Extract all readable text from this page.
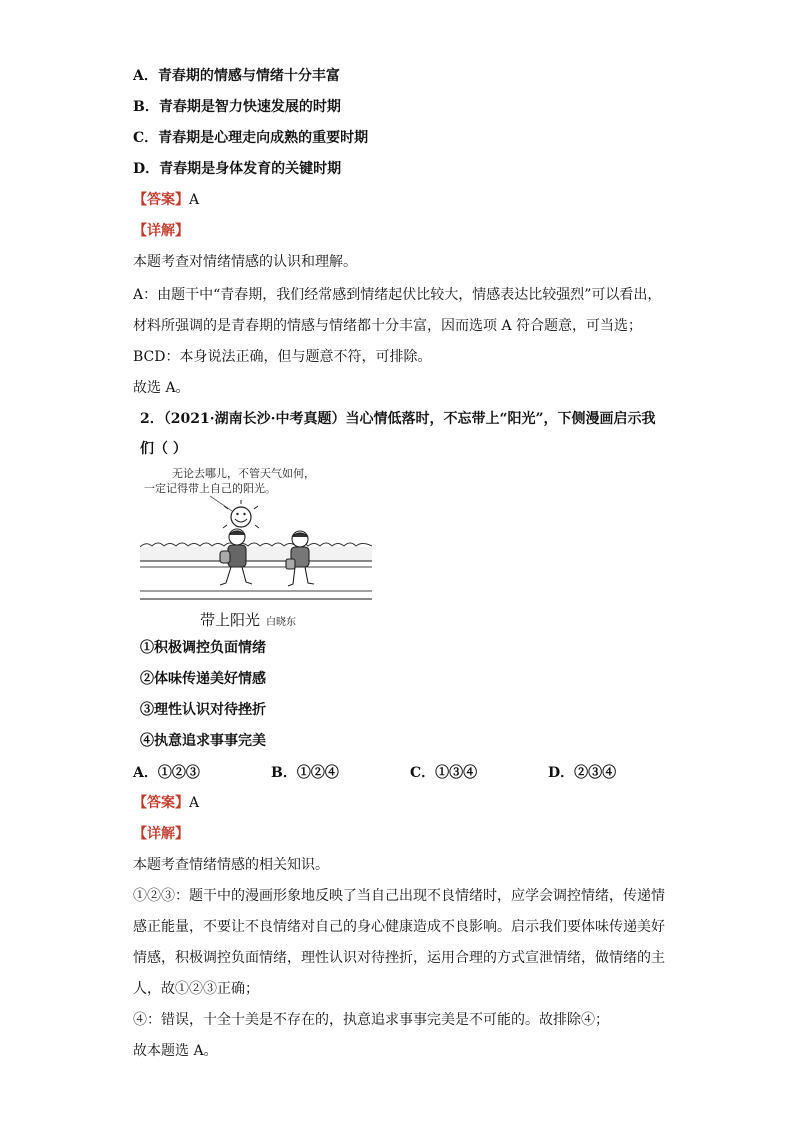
A．青春期的情感与情绪十分丰富
B．青春期是智力快速发展的时期
C．青春期是心理走向成熟的重要时期
D．青春期是身体发育的关键时期
【答案】A
【详解】
本题考查对情绪情感的认识和理解。
A：由题干中“青春期，我们经常感到情绪起伏比较大，情感表达比较强烈”可以看出，
材料所强调的是青春期的情感与情绪都十分丰富，因而选项 A 符合题意，可当选；
BCD：本身说法正确，但与题意不符，可排除。
故选 A。
2．（2021·湖南长沙·中考真题）当心情低落时，不忘带上“阳光”，下侧漫画启示我
们（ ）
无论去哪儿，不管天气如何，
一定记得带上自己的阳光。
带上阳光 白晓东
①积极调控负面情绪
②体味传递美好情感
③理性认识对待挫折
④执意追求事事完美
A．①②③	B．①②④	C．①③④	D．②③④
【答案】A
【详解】
本题考查情绪情感的相关知识。
①②③：题干中的漫画形象地反映了当自己出现不良情绪时，应学会调控情绪，传递情
感正能量，不要让不良情绪对自己的身心健康造成不良影响。启示我们要体味传递美好
情感，积极调控负面情绪，理性认识对待挫折，运用合理的方式宣泄情绪，做情绪的主
人，故①②③正确；
④：错误，十全十美是不存在的，执意追求事事完美是不可能的。故排除④；
故本题选 A。
